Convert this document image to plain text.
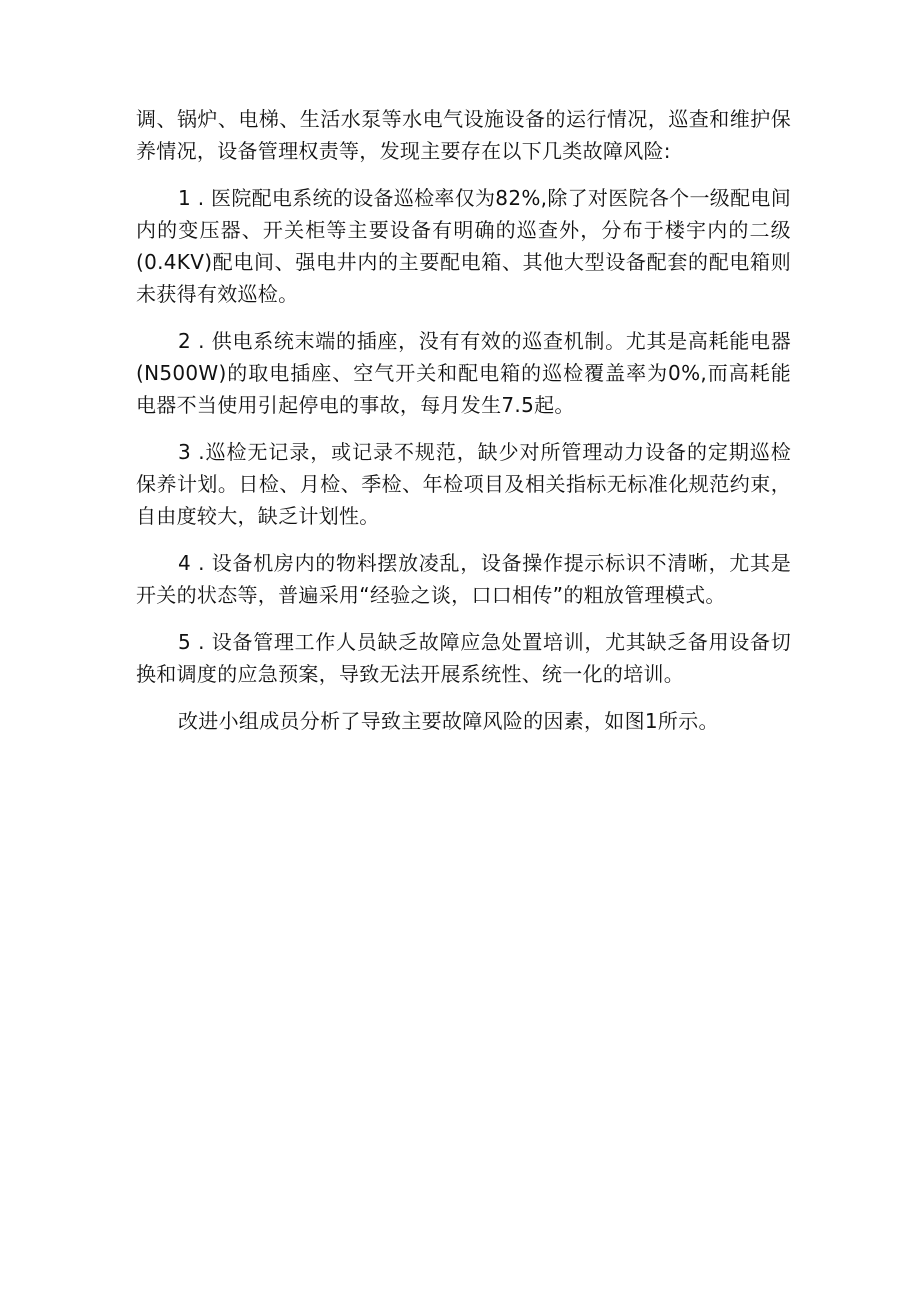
调、锅炉、电梯、生活水泵等水电气设施设备的运行情况，巡查和维护保养情况，设备管理权责等，发现主要存在以下几类故障风险:

1 . 医院配电系统的设备巡检率仅为82%,除了对医院各个一级配电间内的变压器、开关柜等主要设备有明确的巡查外，分布于楼宇内的二级(0.4KV)配电间、强电井内的主要配电箱、其他大型设备配套的配电箱则未获得有效巡检。

2 . 供电系统末端的插座，没有有效的巡查机制。尤其是高耗能电器(N500W)的取电插座、空气开关和配电箱的巡检覆盖率为0%,而高耗能电器不当使用引起停电的事故，每月发生7.5起。

3 .巡检无记录，或记录不规范，缺少对所管理动力设备的定期巡检保养计划。日检、月检、季检、年检项目及相关指标无标准化规范约束，自由度较大，缺乏计划性。

4 . 设备机房内的物料摆放凌乱，设备操作提示标识不清晰，尤其是开关的状态等，普遍采用“经验之谈，口口相传”的粗放管理模式。

5 . 设备管理工作人员缺乏故障应急处置培训，尤其缺乏备用设备切换和调度的应急预案，导致无法开展系统性、统一化的培训。

改进小组成员分析了导致主要故障风险的因素，如图1所示。
